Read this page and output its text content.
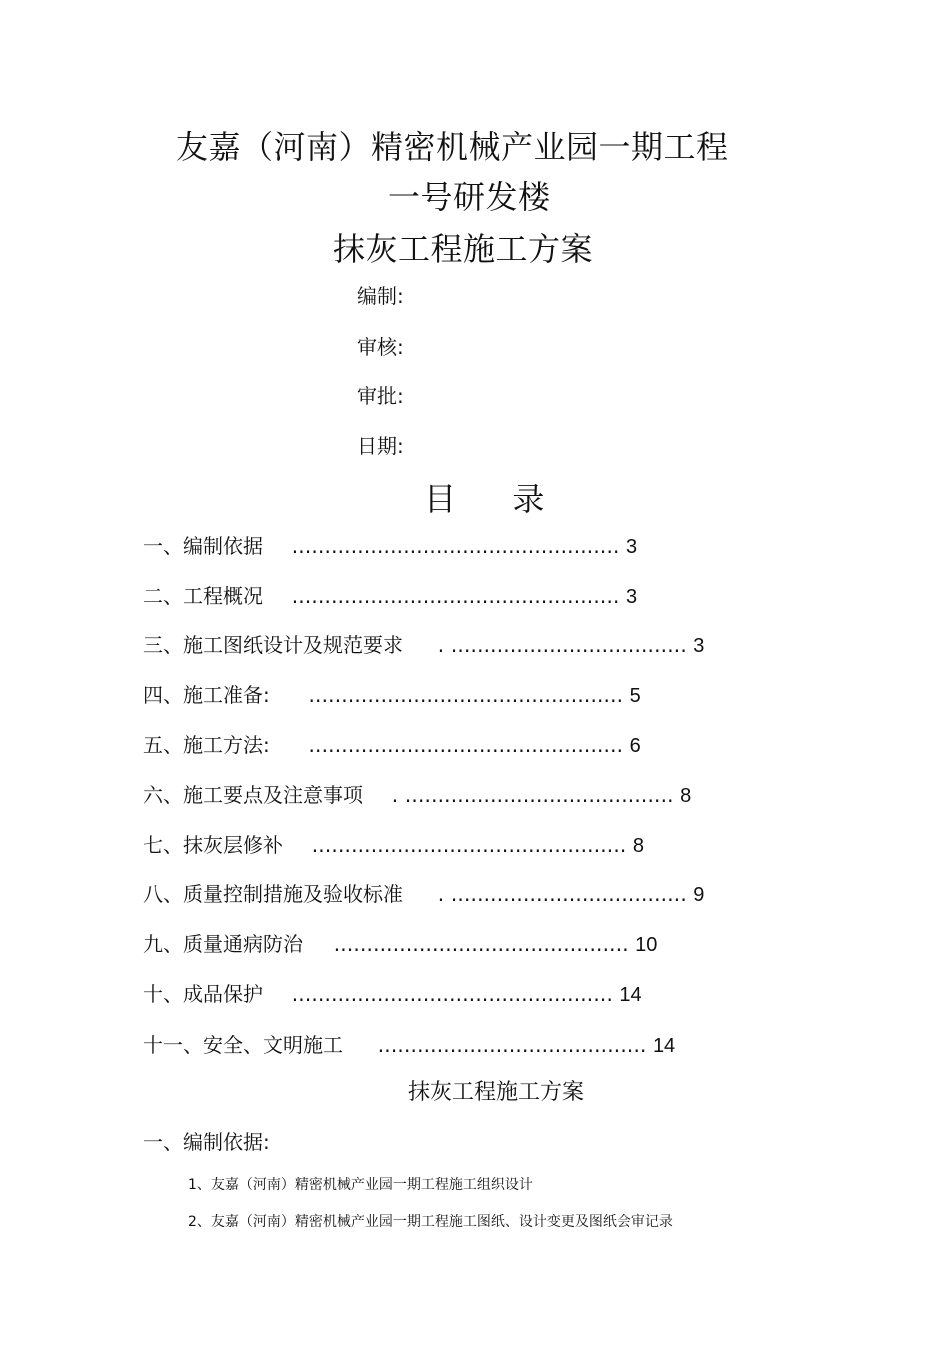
友嘉（河南）精密机械产业园一期工程
一号研发楼
抹灰工程施工方案
编制:
审核:
审批:
日期:
目 录
一、编制依据 .................................................. 3
二、工程概况 .................................................. 3
三、施工图纸设计及规范要求 . .................................... 3
四、施工准备: ................................................ 5
五、施工方法: ................................................ 6
六、施工要点及注意事项 . ......................................... 8
七、抹灰层修补 ................................................ 8
八、质量控制措施及验收标准 . .................................... 9
九、质量通病防治 ............................................. 10
十、成品保护 ................................................. 14
十一、安全、文明施工 ......................................... 14
抹灰工程施工方案
一、编制依据:
1、友嘉（河南）精密机械产业园一期工程施工组织设计
2、友嘉（河南）精密机械产业园一期工程施工图纸、设计变更及图纸会审记录
